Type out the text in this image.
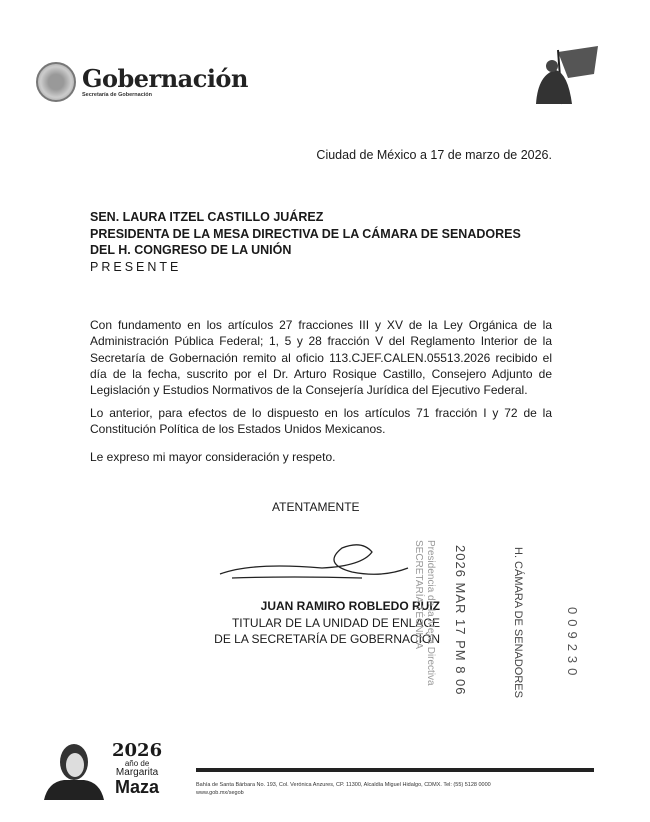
Gobernación
Secretaría de Gobernación
Ciudad de México a 17 de marzo de 2026.
SEN. LAURA ITZEL CASTILLO JUÁREZ
PRESIDENTA DE LA MESA DIRECTIVA DE LA CÁMARA DE SENADORES
DEL H. CONGRESO DE LA UNIÓN
PRESENTE
Con fundamento en los artículos 27 fracciones III y XV de la Ley Orgánica de la Administración Pública Federal; 1, 5 y 28 fracción V del Reglamento Interior de la Secretaría de Gobernación remito al oficio 113.CJEF.CALEN.05513.2026 recibido el día de la fecha, suscrito por el Dr. Arturo Rosique Castillo, Consejero Adjunto de Legislación y Estudios Normativos de la Consejería Jurídica del Ejecutivo Federal.
Lo anterior, para efectos de lo dispuesto en los artículos 71 fracción I y 72 de la Constitución Política de los Estados Unidos Mexicanos.
Le expreso mi mayor consideración y respeto.
ATENTAMENTE
JUAN RAMIRO ROBLEDO RUIZ
TITULAR DE LA UNIDAD DE ENLACE
DE LA SECRETARÍA DE GOBERNACIÓN
Presidencia de la Mesa Directiva
SECRETARÍA TÉCNICA 2026 MAR 17 PM 8 06	H. CÁMARA DE SENADORES	009230
2026
año de
Margarita
Maza	Bahía de Santa Bárbara No. 193, Col. Verónica Anzures, CP. 11300, Alcaldía Miguel Hidalgo, CDMX. Tel: (55) 5128 0000
www.gob.mx/segob
